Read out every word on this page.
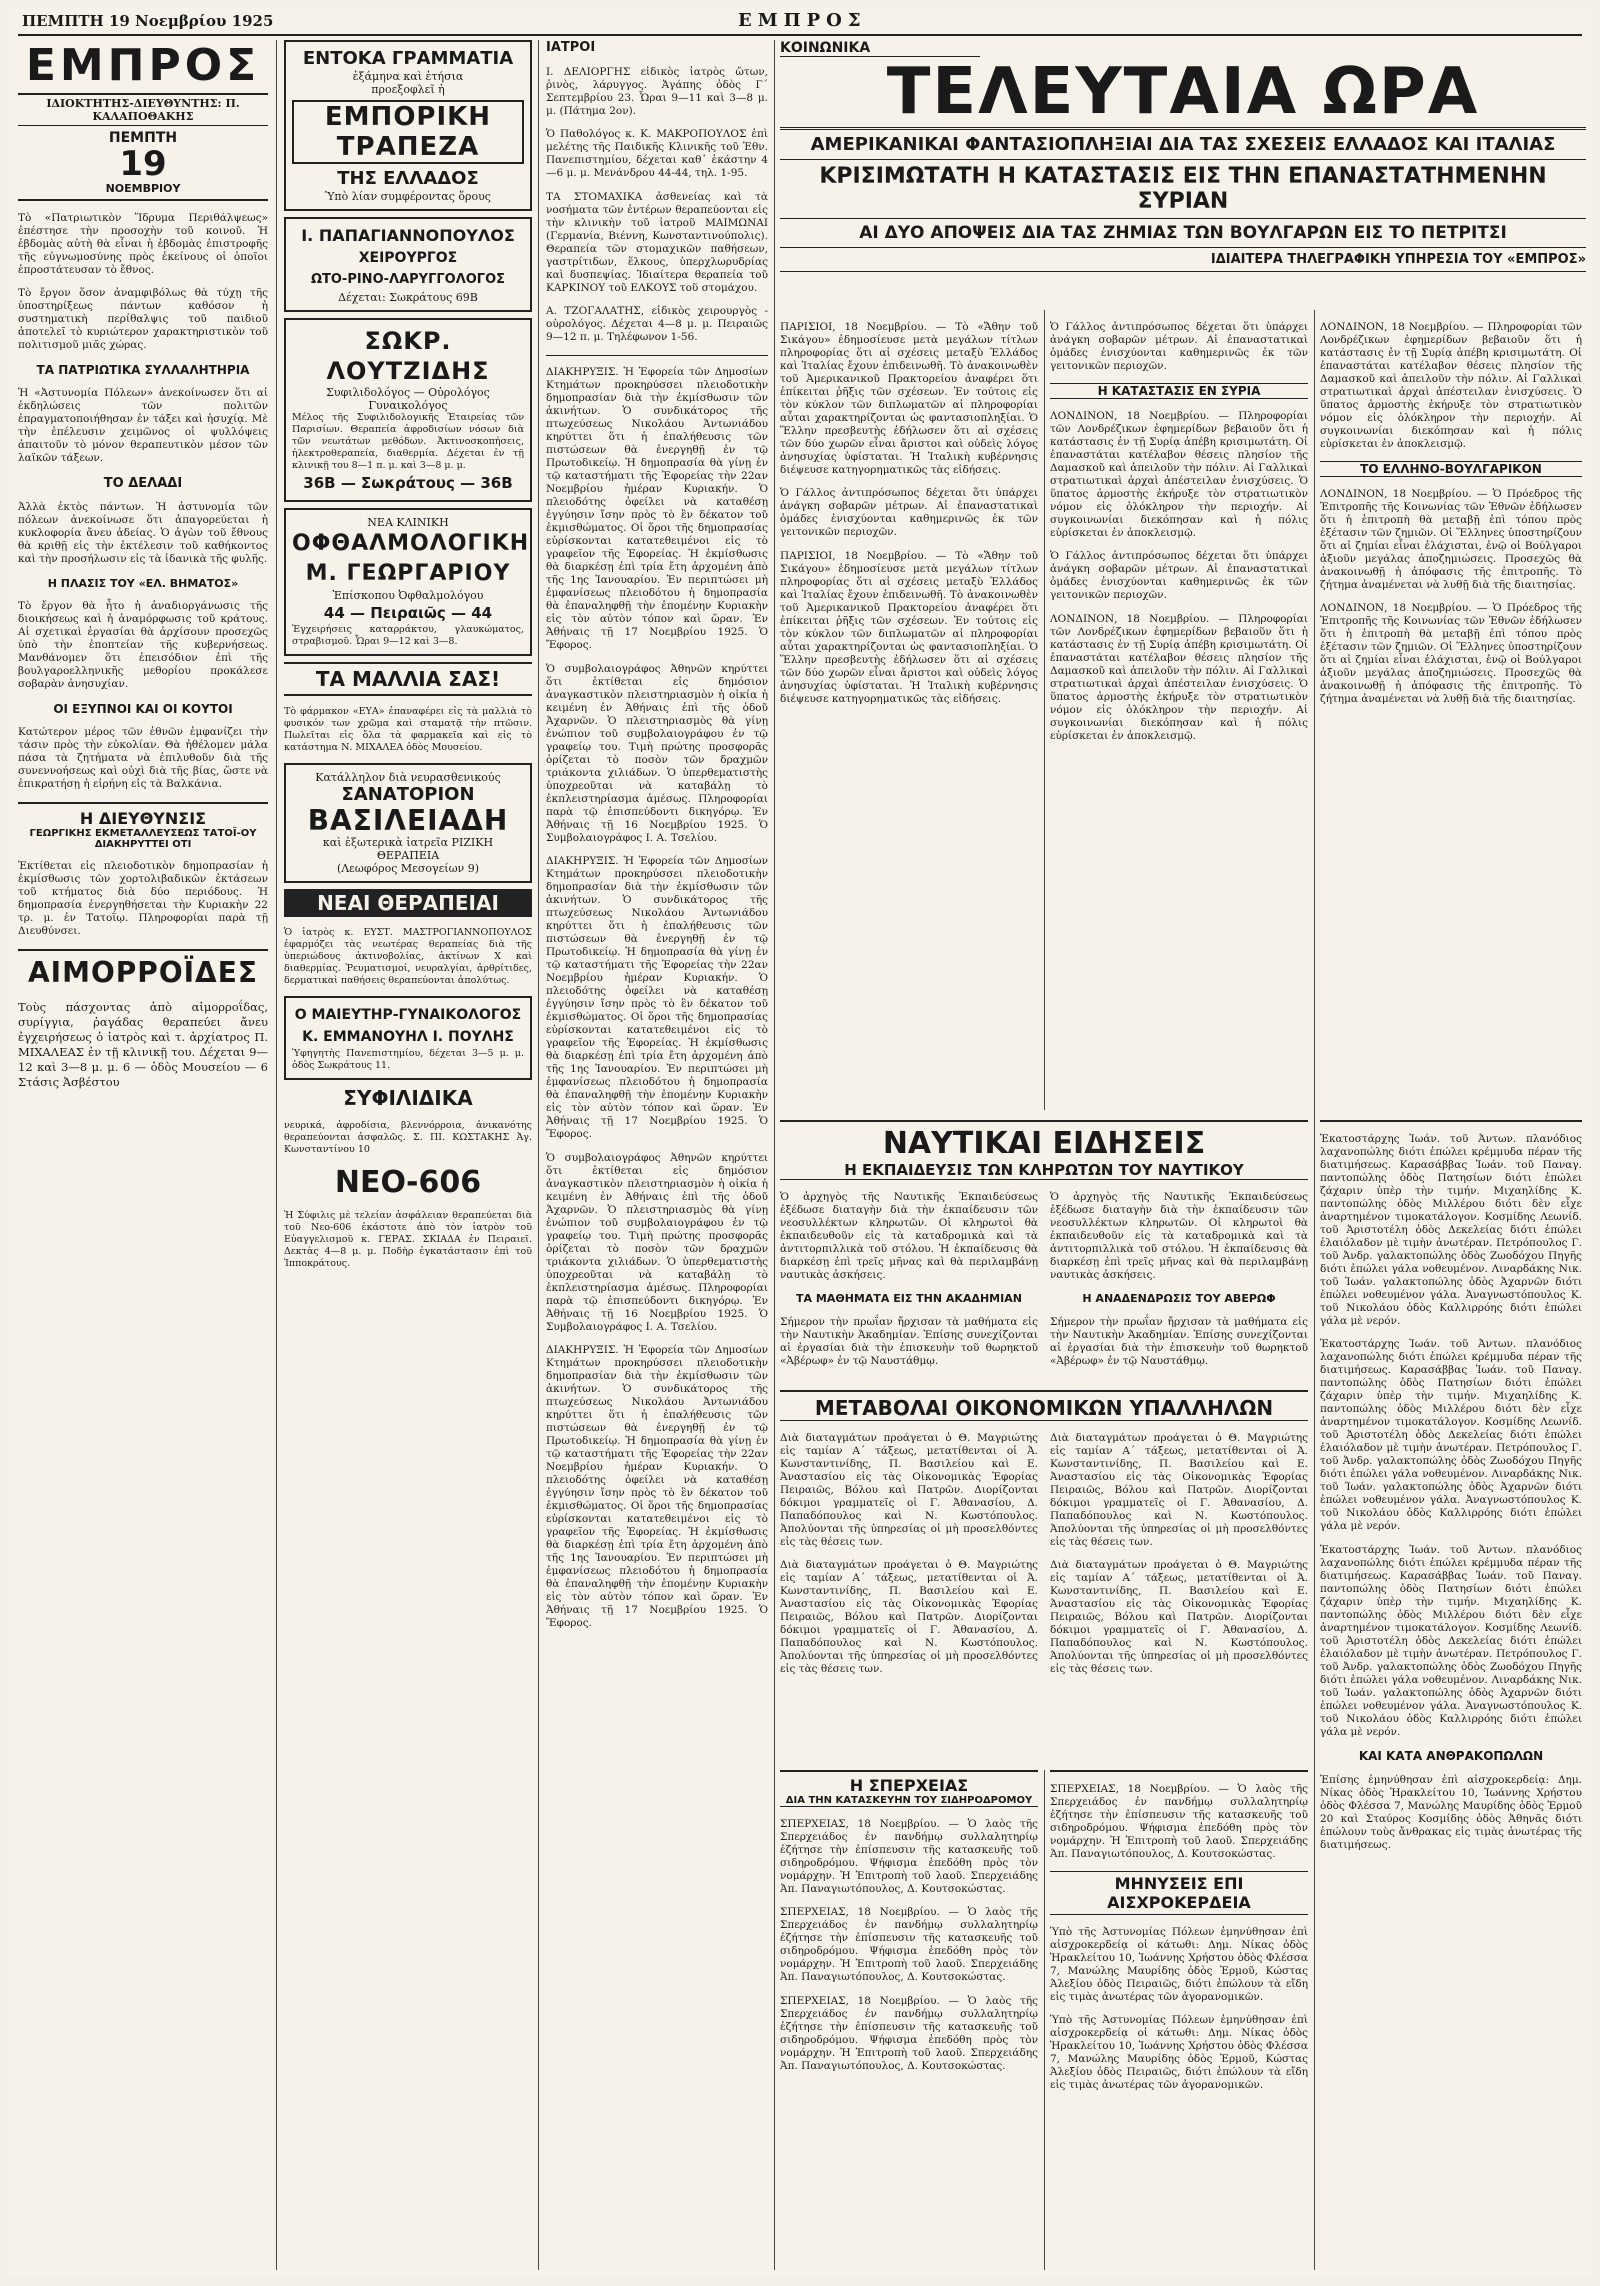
ΠΕΜΠΤΗ 19 Νοεμβρίου 1925	ΕΜΠΡΟΣ
ΕΜΠΡΟΣ
ΙΔΙΟΚΤΗΤΗΣ-ΔΙΕΥΘΥΝΤΗΣ: Π. ΚΑΛΑΠΟΘΑΚΗΣ
ΠΕΜΠΤΗ
19
ΝΟΕΜΒΡΙΟΥ

Τὸ «Πατριωτικὸν Ἵδρυμα Περιθάλψεως» ἐπέστησε τὴν προσοχὴν τοῦ κοινοῦ. Ἡ ἐβδομὰς αὐτὴ θὰ εἶναι ἡ ἑβδομὰς ἐπιστροφῆς τῆς εὐγνωμοσύνης πρὸς ἐκείνους οἱ ὁποῖοι ἐπροστάτευσαν τὸ ἔθνος.

Τὸ ἔργον ὅσον ἀναμφιβόλως θὰ τύχῃ τῆς ὑποστηρίξεως πάντων καθόσον ἡ συστηματικὴ περίθαλψις τοῦ παιδιοῦ ἀποτελεῖ τὸ κυριώτερον χαρακτηριστικὸν τοῦ πολιτισμοῦ μιᾶς χώρας.

ΤΑ ΠΑΤΡΙΩΤΙΚΑ ΣΥΛΛΑΛΗΤΗΡΙΑ

Ἡ «Ἀστυνομία Πόλεων» ἀνεκοίνωσεν ὅτι αἱ ἐκδηλώσεις τῶν πολιτῶν ἐπραγματοποιήθησαν ἐν τάξει καὶ ἡσυχίᾳ. Μὲ τὴν ἐπέλευσιν χειμῶνος οἱ ψυλλόψεις ἀπαιτοῦν τὸ μόνον θεραπευτικὸν μέσον τῶν λαϊκῶν τάξεων.

ΤΟ ΔΕΛΑΔΙ

Ἀλλὰ ἐκτὸς πάντων. Ἡ ἀστυνομία τῶν πόλεων ἀνεκοίνωσε ὅτι ἀπαγορεύεται ἡ κυκλοφορία ἄνευ ἀδείας. Ὁ ἀγὼν τοῦ ἔθνους θὰ κριθῇ εἰς τὴν ἐκτέλεσιν τοῦ καθήκοντος καὶ τὴν προσήλωσιν εἰς τὰ ἰδανικὰ τῆς φυλῆς.

Η ΠΛΑΣΙΣ ΤΟΥ «ΕΛ. ΒΗΜΑΤΟΣ»

Τὸ ἔργον θὰ ἦτο ἡ ἀναδιοργάνωσις τῆς διοικήσεως καὶ ἡ ἀναμόρφωσις τοῦ κράτους. Αἱ σχετικαὶ ἐργασίαι θὰ ἀρχίσουν προσεχῶς ὑπὸ τὴν ἐποπτείαν τῆς κυβερνήσεως. Μανθάνομεν ὅτι ἐπεισόδιον ἐπὶ τῆς βουλγαροελληνικῆς μεθορίου προκάλεσε σοβαρὰν ἀνησυχίαν.

ΟΙ ΕΞΥΠΝΟΙ ΚΑΙ ΟΙ ΚΟΥΤΟΙ

Κατώτερον μέρος τῶν ἐθνῶν ἐμφανίζει τὴν τάσιν πρὸς τὴν εὐκολίαν. Θὰ ἠθέλομεν μάλα πάσα τὰ ζητήματα νὰ ἐπιλυθοῦν διὰ τῆς συνεννοήσεως καὶ οὐχὶ διὰ τῆς βίας, ὥστε νὰ ἐπικρατήσῃ ἡ εἰρήνη εἰς τὰ Βαλκάνια.

Η ΔΙΕΥΘΥΝΣΙΣ
ΓΕΩΡΓΙΚΗΣ ΕΚΜΕΤΑΛΛΕΥΣΕΩΣ ΤΑΤΟΪ-ΟΥ ΔΙΑΚΗΡΥΤΤΕΙ ΟΤΙ

Ἐκτίθεται εἰς πλειοδοτικὸν δημοπρασίαν ἡ ἐκμίσθωσις τῶν χορτολιβαδικῶν ἐκτάσεων τοῦ κτήματος διὰ δύο περιόδους. Ἡ δημοπρασία ἐνεργηθήσεται τὴν Κυριακὴν 22 τρ. μ. ἐν Τατοΐῳ. Πληροφορίαι παρὰ τῇ Διευθύνσει.

ΑΙΜΟΡΡΟΪΔΕΣ

Τοὺς πάσχοντας ἀπὸ αἱμορροΐδας, συρίγγια, ῥαγάδας θεραπεύει ἄνευ ἐγχειρήσεως ὁ ἰατρὸς καὶ τ. ἀρχίατρος Π. ΜΙΧΑΛΕΑΣ ἐν τῇ κλινικῇ του. Δέχεται 9—12 καὶ 3—8 μ. μ. 6 — ὁδὸς Μουσείου — 6 Στάσις Ἀσβέστου

ΕΝΤΟΚΑ ΓΡΑΜΜΑΤΙΑ
ἐξάμηνα καὶ ἐτήσια
προεξοφλεῖ ἡ
ΕΜΠΟΡΙΚΗ ΤΡΑΠΕΖΑ
ΤΗΣ ΕΛΛΑΔΟΣ
Ὑπὸ λίαν συμφέροντας ὅρους
Ι. ΠΑΠΑΓΙΑΝΝΟΠΟΥΛΟΣ
ΧΕΙΡΟΥΡΓΟΣ
ΩΤΟ-ΡΙΝΟ-ΛΑΡΥΓΓΟΛΟΓΟΣ
Δέχεται: Σωκράτους 69Β
ΣΩΚΡ. ΛΟΥΤΖΙΔΗΣ
Συφιλιδολόγος — Οὐρολόγος Γυναικολόγος
Μέλος τῆς Συφιλιδολογικῆς Ἑταιρείας τῶν Παρισίων. Θεραπεία ἀφροδισίων νόσων διὰ τῶν νεωτάτων μεθόδων. Ἀκτινοσκοπήσεις, ἠλεκτροθεραπεία, διαθερμία. Δέχεται ἐν τῇ κλινικῇ του 8—1 π. μ. καὶ 3—8 μ. μ.
36Β — Σωκράτους — 36Β
ΝΕΑ ΚΛΙΝΙΚΗ
ΟΦΘΑΛΜΟΛΟΓΙΚΗ
Μ. ΓΕΩΡΓΑΡΙΟΥ
Ἐπίσκοπου Ὀφθαλμολόγου
44 — Πειραιῶς — 44
Ἐγχειρήσεις καταρράκτου, γλαυκώματος, στραβισμοῦ. Ὧραι 9—12 καὶ 3—8.
ΤΑ ΜΑΛΛΙΑ ΣΑΣ!

Τὸ φάρμακον «ΕΥΑ» ἐπαναφέρει εἰς τὰ μαλλιὰ τὸ φυσικόν των χρῶμα καὶ σταματᾷ τὴν πτῶσιν. Πωλεῖται εἰς ὅλα τὰ φαρμακεῖα καὶ εἰς τὸ κατάστημα Ν. ΜΙΧΑΛΕΑ ὁδὸς Μουσείου.

Κατάλληλον διὰ νευρασθενικούς
ΣΑΝΑΤΟΡΙΟΝ
ΒΑΣΙΛΕΙΑΔΗ
καὶ ἐξωτερικὰ ἰατρεῖα ΡΙΖΙΚΗ ΘΕΡΑΠΕΙΑ
(Λεωφόρος Μεσογείων 9)
ΝΕΑΙ ΘΕΡΑΠΕΙΑΙ

Ὁ ἰατρὸς κ. ΕΥΣΤ. ΜΑΣΤΡΟΓΙΑΝΝΟΠΟΥΛΟΣ ἐφαρμόζει τὰς νεωτέρας θεραπείας διὰ τῆς ὑπεριώδους ἀκτινοβολίας, ἀκτίνων Χ καὶ διαθερμίας. Ῥευματισμοί, νευραλγίαι, ἀρθρίτιδες, δερματικαὶ παθήσεις θεραπεύονται ἀπολύτως.

Ο ΜΑΙΕΥΤΗΡ-ΓΥΝΑΙΚΟΛΟΓΟΣ
Κ. ΕΜΜΑΝΟΥΗΛ Ι. ΠΟΥΛΗΣ
Ὑφηγητὴς Πανεπιστημίου, δέχεται 3—5 μ. μ. ὁδὸς Σωκράτους 11.
ΣΥΦΙΛΙΔΙΚΑ

νευρικά, ἀφροδίσια, βλεννόρροια, ἀνικανότης θεραπεύονται ἀσφαλῶς. Σ. ΠΙ. ΚΩΣΤΑΚΗΣ Ἀγ. Κωνσταντίνου 10

ΝΕΟ-606

Ἡ Σύφιλις μὲ τελείαν ἀσφάλειαν θεραπεύεται διὰ τοῦ Νεο-606 ἑκάστοτε ἀπὸ τὸν ἰατρὸν τοῦ Εὐαγγελισμοῦ κ. ΓΕΡΑΣ. ΣΚΙΑΔΑ ἐν Πειραιεῖ. Δεκτὰς 4—8 μ. μ. Ποδὴρ ἐγκατάστασιν ἐπὶ τοῦ Ἱπποκράτους.

ΙΑΤΡΟΙ

Ι. ΔΕΛΙΟΡΓΗΣ εἰδικὸς ἰατρὸς ὤτων, ῥινὸς, λάρυγγος. Ἀγάπης ὁδὸς Γ΄ Σεπτεμβρίου 23. Ὧραι 9—11 καὶ 3—8 μ. μ. (Πάτημα 2ον).

Ὁ Παθολόγος κ. Κ. ΜΑΚΡΟΠΟΥΛΟΣ ἐπὶ μελέτης τῆς Παιδικῆς Κλινικῆς τοῦ Ἐθν. Πανεπιστημίου, δέχεται καθ᾽ ἑκάστην 4—6 μ. μ. Μενάνδρου 44-44, τηλ. 1-95.

ΤΑ ΣΤΟΜΑΧΙΚΑ ἀσθενείας καὶ τὰ νοσήματα τῶν ἐντέρων θεραπεύονται εἰς τὴν κλινικὴν τοῦ ἰατροῦ ΜΑΙΜΩΝΑΙ (Γερμανία, Βιέννη, Κωνσταντινούπολις). Θεραπεία τῶν στομαχικῶν παθήσεων, γαστρίτιδων, ἕλκους, ὑπερχλωρυδρίας καὶ δυσπεψίας. Ἰδιαίτερα θεραπεία τοῦ ΚΑΡΚΙΝΟΥ τοῦ ΕΛΚΟΥΣ τοῦ στομάχου.

Α. ΤΖΟΓΑΛΑΤΗΣ, εἰδικὸς χειρουργὸς - οὐρολόγος. Δέχεται 4—8 μ. μ. Πειραιῶς 9—12 π. μ. Τηλέφωνον 1-56.

ΔΙΑΚΗΡΥΞΙΣ. Ἡ Ἐφορεία τῶν Δημοσίων Κτημάτων προκηρύσσει πλειοδοτικὴν δημοπρασίαν διὰ τὴν ἐκμίσθωσιν τῶν ἀκινήτων. Ὁ συνδικάτορος τῆς πτωχεύσεως Νικολάου Ἀντωνιάδου κηρύττει ὅτι ἡ ἐπαλήθευσις τῶν πιστώσεων θὰ ἐνεργηθῇ ἐν τῷ Πρωτοδικείῳ. Ἡ δημοπρασία θὰ γίνῃ ἐν τῷ καταστήματι τῆς Ἐφορείας τὴν 22αν Νοεμβρίου ἡμέραν Κυριακήν. Ὁ πλειοδότης ὀφείλει νὰ καταθέσῃ ἐγγύησιν ἴσην πρὸς τὸ ἓν δέκατον τοῦ ἐκμισθώματος. Οἱ ὅροι τῆς δημοπρασίας εὑρίσκονται κατατεθειμένοι εἰς τὸ γραφεῖον τῆς Ἐφορείας. Ἡ ἐκμίσθωσις θὰ διαρκέσῃ ἐπὶ τρία ἔτη ἀρχομένη ἀπὸ τῆς 1ης Ἰανουαρίου. Ἐν περιπτώσει μὴ ἐμφανίσεως πλειοδότου ἡ δημοπρασία θὰ ἐπαναληφθῇ τὴν ἑπομένην Κυριακὴν εἰς τὸν αὐτὸν τόπον καὶ ὥραν. Ἐν Ἀθήναις τῇ 17 Νοεμβρίου 1925. Ὁ Ἔφορος.

Ὁ συμβολαιογράφος Ἀθηνῶν κηρύττει ὅτι ἐκτίθεται εἰς δημόσιον ἀναγκαστικὸν πλειστηριασμὸν ἡ οἰκία ἡ κειμένη ἐν Ἀθήναις ἐπὶ τῆς ὁδοῦ Ἀχαρνῶν. Ὁ πλειστηριασμὸς θὰ γίνῃ ἐνώπιον τοῦ συμβολαιογράφου ἐν τῷ γραφείῳ του. Τιμὴ πρώτης προσφορᾶς ὁρίζεται τὸ ποσὸν τῶν δραχμῶν τριάκοντα χιλιάδων. Ὁ ὑπερθεματιστὴς ὑποχρεοῦται νὰ καταβάλῃ τὸ ἐκπλειστηρίασμα ἀμέσως. Πληροφορίαι παρὰ τῷ ἐπισπεύδοντι δικηγόρῳ. Ἐν Ἀθήναις τῇ 16 Νοεμβρίου 1925. Ὁ Συμβολαιογράφος Ι. Α. Τσελίου.

ΔΙΑΚΗΡΥΞΙΣ. Ἡ Ἐφορεία τῶν Δημοσίων Κτημάτων προκηρύσσει πλειοδοτικὴν δημοπρασίαν διὰ τὴν ἐκμίσθωσιν τῶν ἀκινήτων. Ὁ συνδικάτορος τῆς πτωχεύσεως Νικολάου Ἀντωνιάδου κηρύττει ὅτι ἡ ἐπαλήθευσις τῶν πιστώσεων θὰ ἐνεργηθῇ ἐν τῷ Πρωτοδικείῳ. Ἡ δημοπρασία θὰ γίνῃ ἐν τῷ καταστήματι τῆς Ἐφορείας τὴν 22αν Νοεμβρίου ἡμέραν Κυριακήν. Ὁ πλειοδότης ὀφείλει νὰ καταθέσῃ ἐγγύησιν ἴσην πρὸς τὸ ἓν δέκατον τοῦ ἐκμισθώματος. Οἱ ὅροι τῆς δημοπρασίας εὑρίσκονται κατατεθειμένοι εἰς τὸ γραφεῖον τῆς Ἐφορείας. Ἡ ἐκμίσθωσις θὰ διαρκέσῃ ἐπὶ τρία ἔτη ἀρχομένη ἀπὸ τῆς 1ης Ἰανουαρίου. Ἐν περιπτώσει μὴ ἐμφανίσεως πλειοδότου ἡ δημοπρασία θὰ ἐπαναληφθῇ τὴν ἑπομένην Κυριακὴν εἰς τὸν αὐτὸν τόπον καὶ ὥραν. Ἐν Ἀθήναις τῇ 17 Νοεμβρίου 1925. Ὁ Ἔφορος.

Ὁ συμβολαιογράφος Ἀθηνῶν κηρύττει ὅτι ἐκτίθεται εἰς δημόσιον ἀναγκαστικὸν πλειστηριασμὸν ἡ οἰκία ἡ κειμένη ἐν Ἀθήναις ἐπὶ τῆς ὁδοῦ Ἀχαρνῶν. Ὁ πλειστηριασμὸς θὰ γίνῃ ἐνώπιον τοῦ συμβολαιογράφου ἐν τῷ γραφείῳ του. Τιμὴ πρώτης προσφορᾶς ὁρίζεται τὸ ποσὸν τῶν δραχμῶν τριάκοντα χιλιάδων. Ὁ ὑπερθεματιστὴς ὑποχρεοῦται νὰ καταβάλῃ τὸ ἐκπλειστηρίασμα ἀμέσως. Πληροφορίαι παρὰ τῷ ἐπισπεύδοντι δικηγόρῳ. Ἐν Ἀθήναις τῇ 16 Νοεμβρίου 1925. Ὁ Συμβολαιογράφος Ι. Α. Τσελίου.

ΔΙΑΚΗΡΥΞΙΣ. Ἡ Ἐφορεία τῶν Δημοσίων Κτημάτων προκηρύσσει πλειοδοτικὴν δημοπρασίαν διὰ τὴν ἐκμίσθωσιν τῶν ἀκινήτων. Ὁ συνδικάτορος τῆς πτωχεύσεως Νικολάου Ἀντωνιάδου κηρύττει ὅτι ἡ ἐπαλήθευσις τῶν πιστώσεων θὰ ἐνεργηθῇ ἐν τῷ Πρωτοδικείῳ. Ἡ δημοπρασία θὰ γίνῃ ἐν τῷ καταστήματι τῆς Ἐφορείας τὴν 22αν Νοεμβρίου ἡμέραν Κυριακήν. Ὁ πλειοδότης ὀφείλει νὰ καταθέσῃ ἐγγύησιν ἴσην πρὸς τὸ ἓν δέκατον τοῦ ἐκμισθώματος. Οἱ ὅροι τῆς δημοπρασίας εὑρίσκονται κατατεθειμένοι εἰς τὸ γραφεῖον τῆς Ἐφορείας. Ἡ ἐκμίσθωσις θὰ διαρκέσῃ ἐπὶ τρία ἔτη ἀρχομένη ἀπὸ τῆς 1ης Ἰανουαρίου. Ἐν περιπτώσει μὴ ἐμφανίσεως πλειοδότου ἡ δημοπρασία θὰ ἐπαναληφθῇ τὴν ἑπομένην Κυριακὴν εἰς τὸν αὐτὸν τόπον καὶ ὥραν. Ἐν Ἀθήναις τῇ 17 Νοεμβρίου 1925. Ὁ Ἔφορος.

ΚΟΙΝΩΝΙΚΑ
ΤΕΛΕΥΤΑΙΑ ΩΡΑ
ΑΜΕΡΙΚΑΝΙΚΑΙ ΦΑΝΤΑΣΙΟΠΛΗΞΙΑΙ ΔΙΑ ΤΑΣ ΣΧΕΣΕΙΣ ΕΛΛΑΔΟΣ ΚΑΙ ΙΤΑΛΙΑΣ
ΚΡΙΣΙΜΩΤΑΤΗ Η ΚΑΤΑΣΤΑΣΙΣ ΕΙΣ ΤΗΝ ΕΠΑΝΑΣΤΑΤΗΜΕΝΗΝ ΣΥΡΙΑΝ
ΑΙ ΔΥΟ ΑΠΟΨΕΙΣ ΔΙΑ ΤΑΣ ΖΗΜΙΑΣ ΤΩΝ ΒΟΥΛΓΑΡΩΝ ΕΙΣ ΤΟ ΠΕΤΡΙΤΣΙ
ΙΔΙΑΙΤΕΡΑ ΤΗΛΕΓΡΑΦΙΚΗ ΥΠΗΡΕΣΙΑ ΤΟΥ «ΕΜΠΡΟΣ»

ΠΑΡΙΣΙΟΙ, 18 Νοεμβρίου. — Τὸ «Ἄθην τοῦ Σικάγου» ἐδημοσίευσε μετὰ μεγάλων τίτλων πληροφορίας ὅτι αἱ σχέσεις μεταξὺ Ἑλλάδος καὶ Ἰταλίας ἔχουν ἐπιδεινωθῆ. Τὸ ἀνακοινωθὲν τοῦ Ἀμερικανικοῦ Πρακτορείου ἀναφέρει ὅτι ἐπίκειται ῥῆξις τῶν σχέσεων. Ἐν τούτοις εἰς τὸν κύκλον τῶν διπλωματῶν αἱ πληροφορίαι αὗται χαρακτηρίζονται ὡς φαντασιοπληξίαι. Ὁ Ἕλλην πρεσβευτὴς ἐδήλωσεν ὅτι αἱ σχέσεις τῶν δύο χωρῶν εἶναι ἄριστοι καὶ οὐδεὶς λόγος ἀνησυχίας ὑφίσταται. Ἡ Ἰταλικὴ κυβέρνησις διέψευσε κατηγορηματικῶς τὰς εἰδήσεις.

Ὁ Γάλλος ἀντιπρόσωπος δέχεται ὅτι ὑπάρχει ἀνάγκη σοβαρῶν μέτρων. Αἱ ἐπαναστατικαὶ ὁμάδες ἐνισχύονται καθημερινῶς ἐκ τῶν γειτονικῶν περιοχῶν.

ΠΑΡΙΣΙΟΙ, 18 Νοεμβρίου. — Τὸ «Ἄθην τοῦ Σικάγου» ἐδημοσίευσε μετὰ μεγάλων τίτλων πληροφορίας ὅτι αἱ σχέσεις μεταξὺ Ἑλλάδος καὶ Ἰταλίας ἔχουν ἐπιδεινωθῆ. Τὸ ἀνακοινωθὲν τοῦ Ἀμερικανικοῦ Πρακτορείου ἀναφέρει ὅτι ἐπίκειται ῥῆξις τῶν σχέσεων. Ἐν τούτοις εἰς τὸν κύκλον τῶν διπλωματῶν αἱ πληροφορίαι αὗται χαρακτηρίζονται ὡς φαντασιοπληξίαι. Ὁ Ἕλλην πρεσβευτὴς ἐδήλωσεν ὅτι αἱ σχέσεις τῶν δύο χωρῶν εἶναι ἄριστοι καὶ οὐδεὶς λόγος ἀνησυχίας ὑφίσταται. Ἡ Ἰταλικὴ κυβέρνησις διέψευσε κατηγορηματικῶς τὰς εἰδήσεις.

Ὁ Γάλλος ἀντιπρόσωπος δέχεται ὅτι ὑπάρχει ἀνάγκη σοβαρῶν μέτρων. Αἱ ἐπαναστατικαὶ ὁμάδες ἐνισχύονται καθημερινῶς ἐκ τῶν γειτονικῶν περιοχῶν.

Η ΚΑΤΑΣΤΑΣΙΣ ΕΝ ΣΥΡΙΑ

ΛΟΝΔΙΝΟΝ, 18 Νοεμβρίου. — Πληροφορίαι τῶν Λονδρέζικων ἐφημερίδων βεβαιοῦν ὅτι ἡ κατάστασις ἐν τῇ Συρίᾳ ἀπέβη κρισιμωτάτη. Οἱ ἐπαναστάται κατέλαβον θέσεις πλησίον τῆς Δαμασκοῦ καὶ ἀπειλοῦν τὴν πόλιν. Αἱ Γαλλικαὶ στρατιωτικαὶ ἀρχαὶ ἀπέστειλαν ἐνισχύσεις. Ὁ ὕπατος ἁρμοστὴς ἐκήρυξε τὸν στρατιωτικὸν νόμον εἰς ὁλόκληρον τὴν περιοχήν. Αἱ συγκοινωνίαι διεκόπησαν καὶ ἡ πόλις εὑρίσκεται ἐν ἀποκλεισμῷ.

Ὁ Γάλλος ἀντιπρόσωπος δέχεται ὅτι ὑπάρχει ἀνάγκη σοβαρῶν μέτρων. Αἱ ἐπαναστατικαὶ ὁμάδες ἐνισχύονται καθημερινῶς ἐκ τῶν γειτονικῶν περιοχῶν.

ΛΟΝΔΙΝΟΝ, 18 Νοεμβρίου. — Πληροφορίαι τῶν Λονδρέζικων ἐφημερίδων βεβαιοῦν ὅτι ἡ κατάστασις ἐν τῇ Συρίᾳ ἀπέβη κρισιμωτάτη. Οἱ ἐπαναστάται κατέλαβον θέσεις πλησίον τῆς Δαμασκοῦ καὶ ἀπειλοῦν τὴν πόλιν. Αἱ Γαλλικαὶ στρατιωτικαὶ ἀρχαὶ ἀπέστειλαν ἐνισχύσεις. Ὁ ὕπατος ἁρμοστὴς ἐκήρυξε τὸν στρατιωτικὸν νόμον εἰς ὁλόκληρον τὴν περιοχήν. Αἱ συγκοινωνίαι διεκόπησαν καὶ ἡ πόλις εὑρίσκεται ἐν ἀποκλεισμῷ.

ΛΟΝΔΙΝΟΝ, 18 Νοεμβρίου. — Πληροφορίαι τῶν Λονδρέζικων ἐφημερίδων βεβαιοῦν ὅτι ἡ κατάστασις ἐν τῇ Συρίᾳ ἀπέβη κρισιμωτάτη. Οἱ ἐπαναστάται κατέλαβον θέσεις πλησίον τῆς Δαμασκοῦ καὶ ἀπειλοῦν τὴν πόλιν. Αἱ Γαλλικαὶ στρατιωτικαὶ ἀρχαὶ ἀπέστειλαν ἐνισχύσεις. Ὁ ὕπατος ἁρμοστὴς ἐκήρυξε τὸν στρατιωτικὸν νόμον εἰς ὁλόκληρον τὴν περιοχήν. Αἱ συγκοινωνίαι διεκόπησαν καὶ ἡ πόλις εὑρίσκεται ἐν ἀποκλεισμῷ.

ΤΟ ΕΛΛΗΝΟ-ΒΟΥΛΓΑΡΙΚΟΝ

ΛΟΝΔΙΝΟΝ, 18 Νοεμβρίου. — Ὁ Πρόεδρος τῆς Ἐπιτροπῆς τῆς Κοινωνίας τῶν Ἐθνῶν ἐδήλωσεν ὅτι ἡ ἐπιτροπὴ θὰ μεταβῇ ἐπὶ τόπου πρὸς ἐξέτασιν τῶν ζημιῶν. Οἱ Ἕλληνες ὑποστηρίζουν ὅτι αἱ ζημίαι εἶναι ἐλάχισται, ἐνῷ οἱ Βούλγαροι ἀξιοῦν μεγάλας ἀποζημιώσεις. Προσεχῶς θὰ ἀνακοινωθῇ ἡ ἀπόφασις τῆς ἐπιτροπῆς. Τὸ ζήτημα ἀναμένεται νὰ λυθῇ διὰ τῆς διαιτησίας.

ΛΟΝΔΙΝΟΝ, 18 Νοεμβρίου. — Ὁ Πρόεδρος τῆς Ἐπιτροπῆς τῆς Κοινωνίας τῶν Ἐθνῶν ἐδήλωσεν ὅτι ἡ ἐπιτροπὴ θὰ μεταβῇ ἐπὶ τόπου πρὸς ἐξέτασιν τῶν ζημιῶν. Οἱ Ἕλληνες ὑποστηρίζουν ὅτι αἱ ζημίαι εἶναι ἐλάχισται, ἐνῷ οἱ Βούλγαροι ἀξιοῦν μεγάλας ἀποζημιώσεις. Προσεχῶς θὰ ἀνακοινωθῇ ἡ ἀπόφασις τῆς ἐπιτροπῆς. Τὸ ζήτημα ἀναμένεται νὰ λυθῇ διὰ τῆς διαιτησίας.

ΝΑΥΤΙΚΑΙ ΕΙΔΗΣΕΙΣ
Η ΕΚΠΑΙΔΕΥΣΙΣ ΤΩΝ ΚΛΗΡΩΤΩΝ ΤΟΥ ΝΑΥΤΙΚΟΥ

Ὁ ἀρχηγὸς τῆς Ναυτικῆς Ἐκπαιδεύσεως ἐξέδωσε διαταγὴν διὰ τὴν ἐκπαίδευσιν τῶν νεοσυλλέκτων κληρωτῶν. Οἱ κληρωτοὶ θὰ ἐκπαιδευθοῦν εἰς τὰ καταδρομικὰ καὶ τὰ ἀντιτορπιλλικὰ τοῦ στόλου. Ἡ ἐκπαίδευσις θὰ διαρκέσῃ ἐπὶ τρεῖς μῆνας καὶ θὰ περιλαμβάνῃ ναυτικὰς ἀσκήσεις.

ΤΑ ΜΑΘΗΜΑΤΑ ΕΙΣ ΤΗΝ ΑΚΑΔΗΜΙΑΝ

Σήμερον τὴν πρωΐαν ἤρχισαν τὰ μαθήματα εἰς τὴν Ναυτικὴν Ἀκαδημίαν. Ἐπίσης συνεχίζονται αἱ ἐργασίαι διὰ τὴν ἐπισκευὴν τοῦ θωρηκτοῦ «Ἀβέρωφ» ἐν τῷ Ναυστάθμῳ.

Ὁ ἀρχηγὸς τῆς Ναυτικῆς Ἐκπαιδεύσεως ἐξέδωσε διαταγὴν διὰ τὴν ἐκπαίδευσιν τῶν νεοσυλλέκτων κληρωτῶν. Οἱ κληρωτοὶ θὰ ἐκπαιδευθοῦν εἰς τὰ καταδρομικὰ καὶ τὰ ἀντιτορπιλλικὰ τοῦ στόλου. Ἡ ἐκπαίδευσις θὰ διαρκέσῃ ἐπὶ τρεῖς μῆνας καὶ θὰ περιλαμβάνῃ ναυτικὰς ἀσκήσεις.

Η ΑΝΑΔΕΝΔΡΩΣΙΣ ΤΟΥ ΑΒΕΡΩΦ

Σήμερον τὴν πρωΐαν ἤρχισαν τὰ μαθήματα εἰς τὴν Ναυτικὴν Ἀκαδημίαν. Ἐπίσης συνεχίζονται αἱ ἐργασίαι διὰ τὴν ἐπισκευὴν τοῦ θωρηκτοῦ «Ἀβέρωφ» ἐν τῷ Ναυστάθμῳ.

ΜΕΤΑΒΟΛΑΙ ΟΙΚΟΝΟΜΙΚΩΝ ΥΠΑΛΛΗΛΩΝ

Διὰ διαταγμάτων προάγεται ὁ Θ. Μαγριώτης εἰς ταμίαν Α΄ τάξεως, μετατίθενται οἱ Ἀ. Κωνσταντινίδης, Π. Βασιλείου καὶ Ε. Ἀναστασίου εἰς τὰς Οἰκονομικὰς Ἐφορίας Πειραιῶς, Βόλου καὶ Πατρῶν. Διορίζονται δόκιμοι γραμματεῖς οἱ Γ. Ἀθανασίου, Δ. Παπαδόπουλος καὶ Ν. Κωστόπουλος. Ἀπολύονται τῆς ὑπηρεσίας οἱ μὴ προσελθόντες εἰς τὰς θέσεις των.

Διὰ διαταγμάτων προάγεται ὁ Θ. Μαγριώτης εἰς ταμίαν Α΄ τάξεως, μετατίθενται οἱ Ἀ. Κωνσταντινίδης, Π. Βασιλείου καὶ Ε. Ἀναστασίου εἰς τὰς Οἰκονομικὰς Ἐφορίας Πειραιῶς, Βόλου καὶ Πατρῶν. Διορίζονται δόκιμοι γραμματεῖς οἱ Γ. Ἀθανασίου, Δ. Παπαδόπουλος καὶ Ν. Κωστόπουλος. Ἀπολύονται τῆς ὑπηρεσίας οἱ μὴ προσελθόντες εἰς τὰς θέσεις των.

Διὰ διαταγμάτων προάγεται ὁ Θ. Μαγριώτης εἰς ταμίαν Α΄ τάξεως, μετατίθενται οἱ Ἀ. Κωνσταντινίδης, Π. Βασιλείου καὶ Ε. Ἀναστασίου εἰς τὰς Οἰκονομικὰς Ἐφορίας Πειραιῶς, Βόλου καὶ Πατρῶν. Διορίζονται δόκιμοι γραμματεῖς οἱ Γ. Ἀθανασίου, Δ. Παπαδόπουλος καὶ Ν. Κωστόπουλος. Ἀπολύονται τῆς ὑπηρεσίας οἱ μὴ προσελθόντες εἰς τὰς θέσεις των.

Διὰ διαταγμάτων προάγεται ὁ Θ. Μαγριώτης εἰς ταμίαν Α΄ τάξεως, μετατίθενται οἱ Ἀ. Κωνσταντινίδης, Π. Βασιλείου καὶ Ε. Ἀναστασίου εἰς τὰς Οἰκονομικὰς Ἐφορίας Πειραιῶς, Βόλου καὶ Πατρῶν. Διορίζονται δόκιμοι γραμματεῖς οἱ Γ. Ἀθανασίου, Δ. Παπαδόπουλος καὶ Ν. Κωστόπουλος. Ἀπολύονται τῆς ὑπηρεσίας οἱ μὴ προσελθόντες εἰς τὰς θέσεις των.

Η ΣΠΕΡΧΕΙΑΣ
ΔΙΑ ΤΗΝ ΚΑΤΑΣΚΕΥΗΝ ΤΟΥ ΣΙΔΗΡΟΔΡΟΜΟΥ

ΣΠΕΡΧΕΙΑΣ, 18 Νοεμβρίου. — Ὁ λαὸς τῆς Σπερχειάδος ἐν πανδήμῳ συλλαλητηρίῳ ἐζήτησε τὴν ἐπίσπευσιν τῆς κατασκευῆς τοῦ σιδηροδρόμου. Ψήφισμα ἐπεδόθη πρὸς τὸν νομάρχην. Ἡ Ἐπιτροπὴ τοῦ λαοῦ. Σπερχειάδης Ἀπ. Παναγιωτόπουλος, Δ. Κουτσοκώστας.

ΣΠΕΡΧΕΙΑΣ, 18 Νοεμβρίου. — Ὁ λαὸς τῆς Σπερχειάδος ἐν πανδήμῳ συλλαλητηρίῳ ἐζήτησε τὴν ἐπίσπευσιν τῆς κατασκευῆς τοῦ σιδηροδρόμου. Ψήφισμα ἐπεδόθη πρὸς τὸν νομάρχην. Ἡ Ἐπιτροπὴ τοῦ λαοῦ. Σπερχειάδης Ἀπ. Παναγιωτόπουλος, Δ. Κουτσοκώστας.

ΣΠΕΡΧΕΙΑΣ, 18 Νοεμβρίου. — Ὁ λαὸς τῆς Σπερχειάδος ἐν πανδήμῳ συλλαλητηρίῳ ἐζήτησε τὴν ἐπίσπευσιν τῆς κατασκευῆς τοῦ σιδηροδρόμου. Ψήφισμα ἐπεδόθη πρὸς τὸν νομάρχην. Ἡ Ἐπιτροπὴ τοῦ λαοῦ. Σπερχειάδης Ἀπ. Παναγιωτόπουλος, Δ. Κουτσοκώστας.

ΣΠΕΡΧΕΙΑΣ, 18 Νοεμβρίου. — Ὁ λαὸς τῆς Σπερχειάδος ἐν πανδήμῳ συλλαλητηρίῳ ἐζήτησε τὴν ἐπίσπευσιν τῆς κατασκευῆς τοῦ σιδηροδρόμου. Ψήφισμα ἐπεδόθη πρὸς τὸν νομάρχην. Ἡ Ἐπιτροπὴ τοῦ λαοῦ. Σπερχειάδης Ἀπ. Παναγιωτόπουλος, Δ. Κουτσοκώστας.

ΜΗΝΥΣΕΙΣ ΕΠΙ ΑΙΣΧΡΟΚΕΡΔΕΙΑ

Ὑπὸ τῆς Ἀστυνομίας Πόλεων ἐμηνύθησαν ἐπὶ αἰσχροκερδείᾳ οἱ κάτωθι: Δημ. Νίκας ὁδὸς Ἡρακλείτου 10, Ἰωάννης Χρήστου ὁδὸς Φλέσσα 7, Μανώλης Μαυρίδης ὁδὸς Ἑρμοῦ, Κώστας Ἀλεξίου ὁδὸς Πειραιῶς, διότι ἐπώλουν τὰ εἴδη εἰς τιμὰς ἀνωτέρας τῶν ἀγορανομικῶν.

Ὑπὸ τῆς Ἀστυνομίας Πόλεων ἐμηνύθησαν ἐπὶ αἰσχροκερδείᾳ οἱ κάτωθι: Δημ. Νίκας ὁδὸς Ἡρακλείτου 10, Ἰωάννης Χρήστου ὁδὸς Φλέσσα 7, Μανώλης Μαυρίδης ὁδὸς Ἑρμοῦ, Κώστας Ἀλεξίου ὁδὸς Πειραιῶς, διότι ἐπώλουν τὰ εἴδη εἰς τιμὰς ἀνωτέρας τῶν ἀγορανομικῶν.

Ἐκατοστάρχης Ἰωάν. τοῦ Ἀντων. πλανόδιος λαχανοπώλης διότι ἐπώλει κρέμμυδα πέραν τῆς διατιμήσεως. Καρασάββας Ἰωάν. τοῦ Παναγ. παντοπώλης ὁδὸς Πατησίων διότι ἐπώλει ζάχαριν ὑπὲρ τὴν τιμήν. Μιχαηλίδης Κ. παντοπώλης ὁδὸς Μιλλέρου διότι δὲν εἶχε ἀναρτημένον τιμοκατάλογον. Κοσμίδης Λεωνίδ. τοῦ Ἀριστοτέλη ὁδὸς Δεκελείας διότι ἐπώλει ἐλαιόλαδον μὲ τιμὴν ἀνωτέραν. Πετρόπουλος Γ. τοῦ Ἀνδρ. γαλακτοπώλης ὁδὸς Ζωοδόχου Πηγῆς διότι ἐπώλει γάλα νοθευμένον. Λιναρδάκης Νικ. τοῦ Ἰωάν. γαλακτοπώλης ὁδὸς Ἀχαρνῶν διότι ἐπώλει νοθευμένον γάλα. Ἀναγνωστόπουλος Κ. τοῦ Νικολάου ὁδὸς Καλλιρρόης διότι ἐπώλει γάλα μὲ νερόν.

Ἐκατοστάρχης Ἰωάν. τοῦ Ἀντων. πλανόδιος λαχανοπώλης διότι ἐπώλει κρέμμυδα πέραν τῆς διατιμήσεως. Καρασάββας Ἰωάν. τοῦ Παναγ. παντοπώλης ὁδὸς Πατησίων διότι ἐπώλει ζάχαριν ὑπὲρ τὴν τιμήν. Μιχαηλίδης Κ. παντοπώλης ὁδὸς Μιλλέρου διότι δὲν εἶχε ἀναρτημένον τιμοκατάλογον. Κοσμίδης Λεωνίδ. τοῦ Ἀριστοτέλη ὁδὸς Δεκελείας διότι ἐπώλει ἐλαιόλαδον μὲ τιμὴν ἀνωτέραν. Πετρόπουλος Γ. τοῦ Ἀνδρ. γαλακτοπώλης ὁδὸς Ζωοδόχου Πηγῆς διότι ἐπώλει γάλα νοθευμένον. Λιναρδάκης Νικ. τοῦ Ἰωάν. γαλακτοπώλης ὁδὸς Ἀχαρνῶν διότι ἐπώλει νοθευμένον γάλα. Ἀναγνωστόπουλος Κ. τοῦ Νικολάου ὁδὸς Καλλιρρόης διότι ἐπώλει γάλα μὲ νερόν.

Ἐκατοστάρχης Ἰωάν. τοῦ Ἀντων. πλανόδιος λαχανοπώλης διότι ἐπώλει κρέμμυδα πέραν τῆς διατιμήσεως. Καρασάββας Ἰωάν. τοῦ Παναγ. παντοπώλης ὁδὸς Πατησίων διότι ἐπώλει ζάχαριν ὑπὲρ τὴν τιμήν. Μιχαηλίδης Κ. παντοπώλης ὁδὸς Μιλλέρου διότι δὲν εἶχε ἀναρτημένον τιμοκατάλογον. Κοσμίδης Λεωνίδ. τοῦ Ἀριστοτέλη ὁδὸς Δεκελείας διότι ἐπώλει ἐλαιόλαδον μὲ τιμὴν ἀνωτέραν. Πετρόπουλος Γ. τοῦ Ἀνδρ. γαλακτοπώλης ὁδὸς Ζωοδόχου Πηγῆς διότι ἐπώλει γάλα νοθευμένον. Λιναρδάκης Νικ. τοῦ Ἰωάν. γαλακτοπώλης ὁδὸς Ἀχαρνῶν διότι ἐπώλει νοθευμένον γάλα. Ἀναγνωστόπουλος Κ. τοῦ Νικολάου ὁδὸς Καλλιρρόης διότι ἐπώλει γάλα μὲ νερόν.

ΚΑΙ ΚΑΤΑ ΑΝΘΡΑΚΟΠΩΛΩΝ

Ἐπίσης ἐμηνύθησαν ἐπὶ αἰσχροκερδείᾳ: Δημ. Νίκας ὁδὸς Ἡρακλείτου 10, Ἰωάννης Χρήστου ὁδὸς Φλέσσα 7, Μανώλης Μαυρίδης ὁδὸς Ἑρμοῦ 20 καὶ Σταύρος Κοσμίδης ὁδὸς Ἀθηνᾶς διότι ἐπώλουν τοὺς ἄνθρακας εἰς τιμὰς ἀνωτέρας τῆς διατιμήσεως.
